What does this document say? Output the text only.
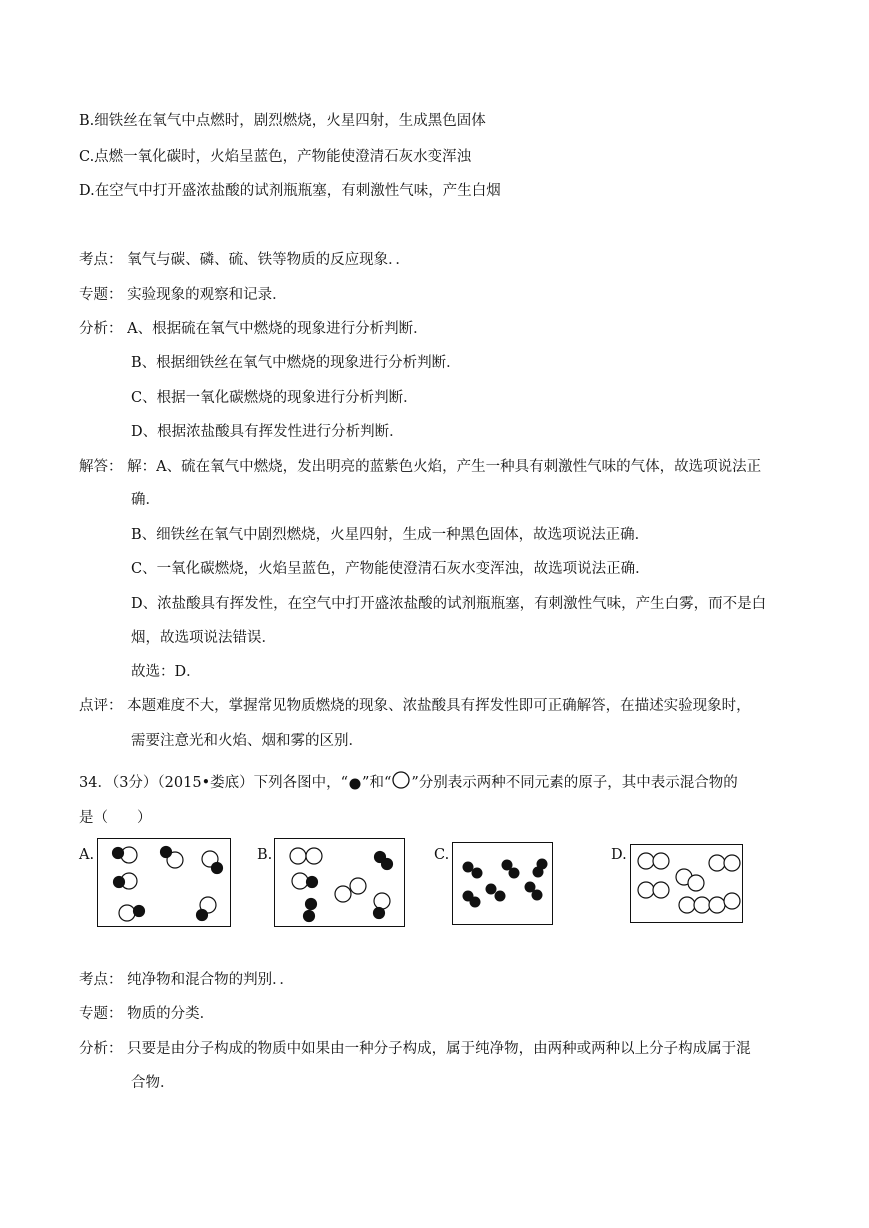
B.细铁丝在氧气中点燃时，剧烈燃烧，火星四射，生成黑色固体
C.点燃一氧化碳时，火焰呈蓝色，产物能使澄清石灰水变浑浊
D.在空气中打开盛浓盐酸的试剂瓶瓶塞，有刺激性气味，产生白烟
考点： 氧气与碳、磷、硫、铁等物质的反应现象．．
专题： 实验现象的观察和记录．
分析： A、根据硫在氧气中燃烧的现象进行分析判断．
B、根据细铁丝在氧气中燃烧的现象进行分析判断．
C、根据一氧化碳燃烧的现象进行分析判断．
D、根据浓盐酸具有挥发性进行分析判断．
解答： 解：A、硫在氧气中燃烧，发出明亮的蓝紫色火焰，产生一种具有刺激性气味的气体，故选项说法正
确．
B、细铁丝在氧气中剧烈燃烧，火星四射，生成一种黑色固体，故选项说法正确．
C、一氧化碳燃烧，火焰呈蓝色，产物能使澄清石灰水变浑浊，故选项说法正确．
D、浓盐酸具有挥发性，在空气中打开盛浓盐酸的试剂瓶瓶塞，有刺激性气味，产生白雾，而不是白
烟，故选项说法错误．
故选：D．
点评： 本题难度不大，掌握常见物质燃烧的现象、浓盐酸具有挥发性即可正确解答，在描述实验现象时，
需要注意光和火焰、烟和雾的区别．
34．（3分）（2015•娄底）下列各图中，“ ”和“ ”分别表示两种不同元素的原子，其中表示混合物的
是（　　）
A.	B.	C.	D.
考点： 纯净物和混合物的判别．．
专题： 物质的分类．
分析： 只要是由分子构成的物质中如果由一种分子构成，属于纯净物，由两种或两种以上分子构成属于混
合物．
